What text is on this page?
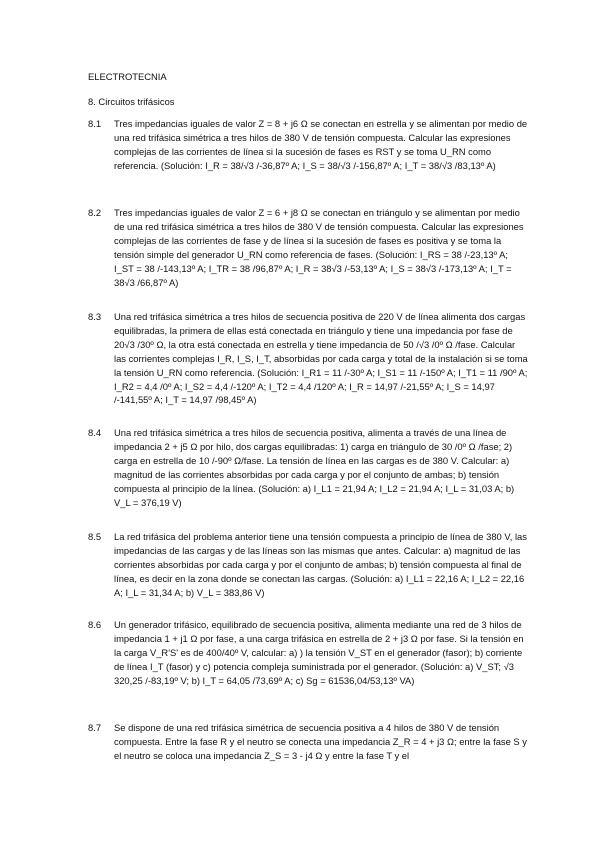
ELECTROTECNIA
8. Circuitos trifásicos
8.1 Tres impedancias iguales de valor Z = 8 + j6 Ω se conectan en estrella y se alimentan por medio de una red trifásica simétrica a tres hilos de 380 V de tensión compuesta. Calcular las expresiones complejas de las corrientes de línea si la sucesión de fases es RST y se toma U_RN como referencia. (Solución: I_R = 38/√3 /-36,87º A; I_S = 38/√3 /-156,87º A; I_T = 38/√3 /83,13º A)
8.2 Tres impedancias iguales de valor Z = 6 + j8 Ω se conectan en triángulo y se alimentan por medio de una red trifásica simétrica a tres hilos de 380 V de tensión compuesta. Calcular las expresiones complejas de las corrientes de fase y de línea si la sucesión de fases es positiva y se toma la tensión simple del generador U_RN como referencia de fases. (Solución: I_RS = 38 /-23,13º A; I_ST = 38 /-143,13º A; I_TR = 38 /96,87º A; I_R = 38√3 /-53,13º A; I_S = 38√3 /-173,13º A; I_T = 38√3 /66,87º A)
8.3 Una red trifásica simétrica a tres hilos de secuencia positiva de 220 V de línea alimenta dos cargas equilibradas, la primera de ellas está conectada en triángulo y tiene una impedancia por fase de 20√3 /30º Ω, la otra está conectada en estrella y tiene impedancia de 50 /√3 /0º Ω /fase. Calcular las corrientes complejas I_R, I_S, I_T, absorbidas por cada carga y total de la instalación si se toma la tensión U_RN como referencia. (Solución: I_R1 = 11 /-30º A; I_S1 = 11 /-150º A; I_T1 = 11 /90º A; I_R2 = 4,4 /0º A; I_S2 = 4,4 /-120º A; I_T2 = 4,4 /120º A; I_R = 14,97 /-21,55º A; I_S = 14,97 /-141,55º A; I_T = 14,97 /98,45º A)
8.4 Una red trifásica simétrica a tres hilos de secuencia positiva, alimenta a través de una línea de impedancia 2 + j5 Ω por hilo, dos cargas equilibradas: 1) carga en triángulo de 30 /0º Ω /fase; 2) carga en estrella de 10 /-90º Ω/fase. La tensión de línea en las cargas es de 380 V. Calcular: a) magnitud de las corrientes absorbidas por cada carga y por el conjunto de ambas; b) tensión compuesta al principio de la línea. (Solución: a) I_L1 = 21,94 A; I_L2 = 21,94 A; I_L = 31,03 A; b) V_L = 376,19 V)
8.5 La red trifásica del problema anterior tiene una tensión compuesta a principio de línea de 380 V, las impedancias de las cargas y de las líneas son las mismas que antes. Calcular: a) magnitud de las corrientes absorbidas por cada carga y por el conjunto de ambas; b) tensión compuesta al final de línea, es decir en la zona donde se conectan las cargas. (Solución: a) I_L1 = 22,16 A; I_L2 = 22,16 A; I_L = 31,34 A; b) V_L = 383,86 V)
8.6 Un generador trifásico, equilibrado de secuencia positiva, alimenta mediante una red de 3 hilos de impedancia 1 + j1 Ω por fase, a una carga trifásica en estrella de 2 + j3 Ω por fase. Si la tensión en la carga V_R'S' es de 400/40º V, calcular: a) ) la tensión V_ST en el generador (fasor); b) corriente de línea I_T (fasor) y c) potencia compleja suministrada por el generador. (Solución: a) V_ST; √3 320,25 /-83,19º V; b) I_T = 64,05 /73,69º A; c) Sg = 61536,04/53,13º VA)
8.7 Se dispone de una red trifásica simétrica de secuencia positiva a 4 hilos de 380 V de tensión compuesta. Entre la fase R y el neutro se conecta una impedancia Z_R = 4 + j3 Ω; entre la fase S y el neutro se coloca una impedancia Z_S = 3 - j4 Ω y entre la fase T y el
